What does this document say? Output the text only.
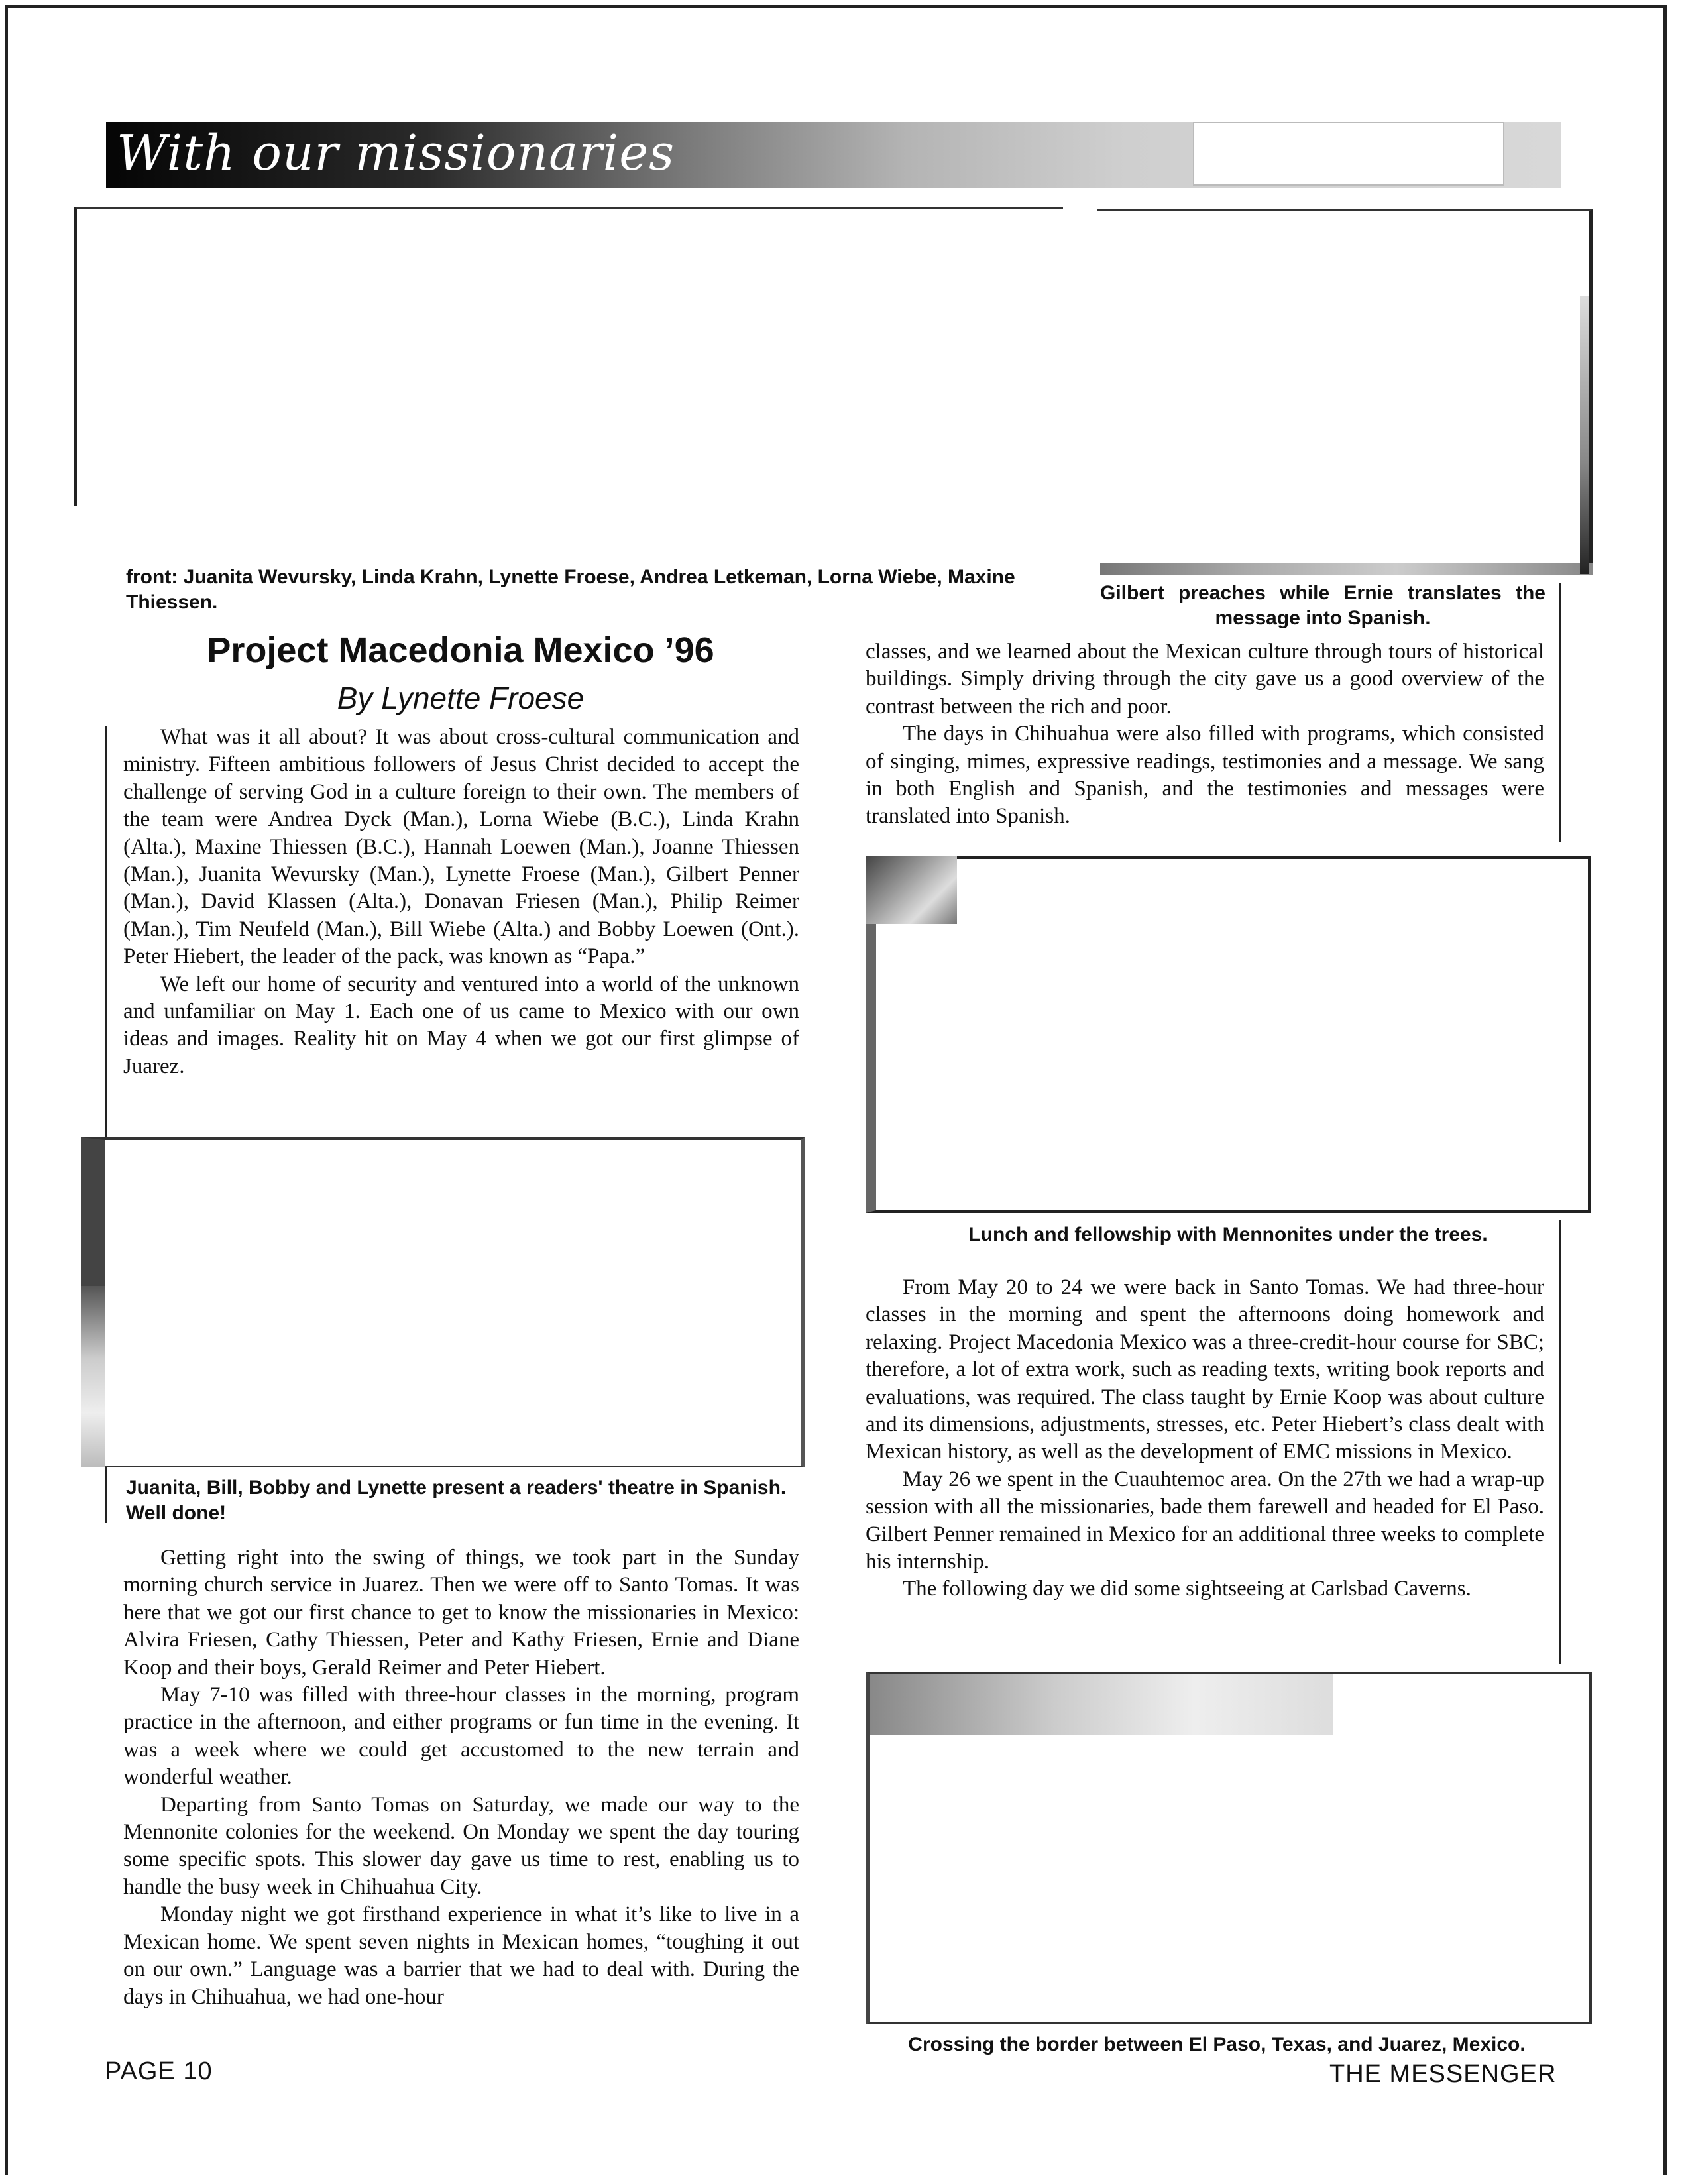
With our missionaries
front: Juanita Wevursky, Linda Krahn, Lynette Froese, Andrea Letkeman, Lorna Wiebe, Maxine Thiessen.	Gilbert preaches while Ernie translates the message into Spanish.
Project Macedonia Mexico ’96
By Lynette Froese

What was it all about? It was about cross-cultural communication and ministry. Fifteen ambitious followers of Jesus Christ decided to accept the challenge of serving God in a culture foreign to their own. The members of the team were Andrea Dyck (Man.), Lorna Wiebe (B.C.), Linda Krahn (Alta.), Maxine Thiessen (B.C.), Hannah Loewen (Man.), Joanne Thiessen (Man.), Juanita Wevursky (Man.), Lynette Froese (Man.), Gilbert Penner (Man.), David Klassen (Alta.), Donavan Friesen (Man.), Philip Reimer (Man.), Tim Neufeld (Man.), Bill Wiebe (Alta.) and Bobby Loewen (Ont.). Peter Hiebert, the leader of the pack, was known as “Papa.”

We left our home of security and ventured into a world of the unknown and unfamiliar on May 1. Each one of us came to Mexico with our own ideas and images. Reality hit on May 4 when we got our first glimpse of Juarez.

Juanita, Bill, Bobby and Lynette present a readers' theatre in Spanish. Well done!

Getting right into the swing of things, we took part in the Sunday morning church service in Juarez. Then we were off to Santo Tomas. It was here that we got our first chance to get to know the missionaries in Mexico: Alvira Friesen, Cathy Thiessen, Peter and Kathy Friesen, Ernie and Diane Koop and their boys, Gerald Reimer and Peter Hiebert.

May 7-10 was filled with three-hour classes in the morning, program practice in the afternoon, and either programs or fun time in the evening. It was a week where we could get accustomed to the new terrain and wonderful weather.

Departing from Santo Tomas on Saturday, we made our way to the Mennonite colonies for the weekend. On Monday we spent the day touring some specific spots. This slower day gave us time to rest, enabling us to handle the busy week in Chihuahua City.

Monday night we got firsthand experience in what it’s like to live in a Mexican home. We spent seven nights in Mexican homes, “toughing it out on our own.” Language was a barrier that we had to deal with. During the days in Chihuahua, we had one-hour

classes, and we learned about the Mexican culture through tours of historical buildings. Simply driving through the city gave us a good overview of the contrast between the rich and poor.

The days in Chihuahua were also filled with programs, which consisted of singing, mimes, expressive readings, testimonies and a message. We sang in both English and Spanish, and the testimonies and messages were translated into Spanish.

Lunch and fellowship with Mennonites under the trees.

From May 20 to 24 we were back in Santo Tomas. We had three-hour classes in the morning and spent the afternoons doing homework and relaxing. Project Macedonia Mexico was a three-credit-hour course for SBC; therefore, a lot of extra work, such as reading texts, writing book reports and evaluations, was required. The class taught by Ernie Koop was about culture and its dimensions, adjustments, stresses, etc. Peter Hiebert’s class dealt with Mexican history, as well as the development of EMC missions in Mexico.

May 26 we spent in the Cuauhtemoc area. On the 27th we had a wrap-up session with all the missionaries, bade them farewell and headed for El Paso. Gilbert Penner remained in Mexico for an additional three weeks to complete his internship.

The following day we did some sightseeing at Carlsbad Caverns.

Crossing the border between El Paso, Texas, and Juarez, Mexico.
PAGE 10	THE MESSENGER
